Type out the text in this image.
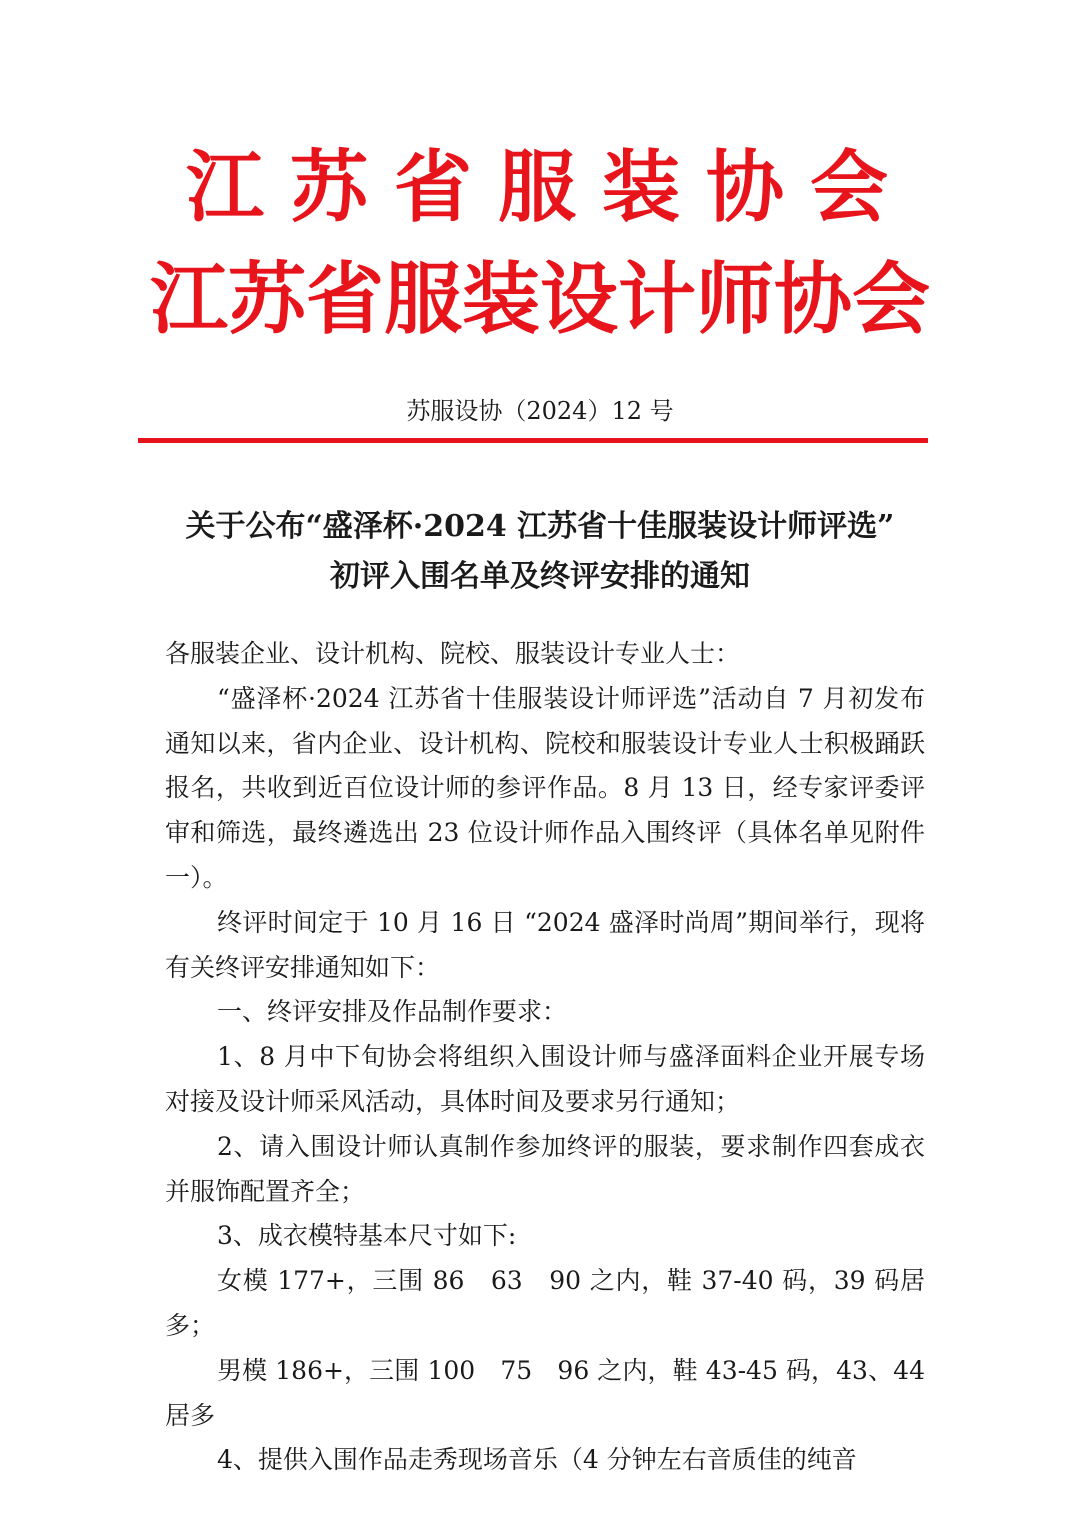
江苏省服装协会
江苏省服装设计师协会
苏服设协（2024）12 号
关于公布“盛泽杯·2024 江苏省十佳服装设计师评选”
初评入围名单及终评安排的通知

各服装企业、设计机构、院校、服装设计专业人士：

“盛泽杯·2024 江苏省十佳服装设计师评选”活动自 7 月初发布通知以来，省内企业、设计机构、院校和服装设计专业人士积极踊跃报名，共收到近百位设计师的参评作品。8 月 13 日，经专家评委评审和筛选，最终遴选出 23 位设计师作品入围终评（具体名单见附件一）。

终评时间定于 10 月 16 日 “2024 盛泽时尚周”期间举行，现将有关终评安排通知如下：

一、终评安排及作品制作要求：

1、8 月中下旬协会将组织入围设计师与盛泽面料企业开展专场对接及设计师采风活动，具体时间及要求另行通知；

2、请入围设计师认真制作参加终评的服装，要求制作四套成衣并服饰配置齐全；

3、成衣模特基本尺寸如下:

女模 177+，三围 86　63　90 之内，鞋 37-40 码，39 码居多；

男模 186+，三围 100　75　96 之内，鞋 43-45 码，43、44 居多

4、提供入围作品走秀现场音乐（4 分钟左右音质佳的纯音
